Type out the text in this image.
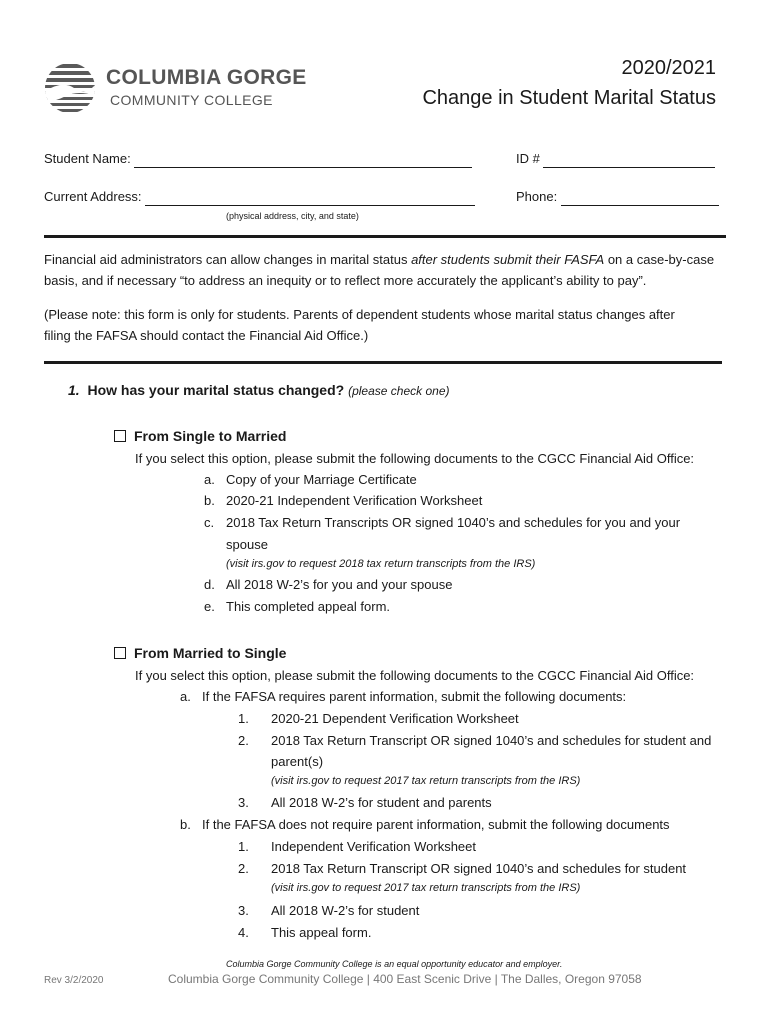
COLUMBIA GORGE
COMMUNITY COLLEGE
2020/2021
Change in Student Marital Status
Student Name:	ID #
Current Address:	Phone:
(physical address, city, and state)
Financial aid administrators can allow changes in marital status after students submit their FASFA on a case-by-case
basis, and if necessary “to address an inequity or to reflect more accurately the applicant’s ability to pay”.
(Please note: this form is only for students. Parents of dependent students whose marital status changes after
filing the FAFSA should contact the Financial Aid Office.)
1. How has your marital status changed? (please check one)
From Single to Married
If you select this option, please submit the following documents to the CGCC Financial Aid Office:
a. Copy of your Marriage Certificate
b. 2020-21 Independent Verification Worksheet
c. 2018 Tax Return Transcripts OR signed 1040’s and schedules for you and your
spouse
(visit irs.gov to request 2018 tax return transcripts from the IRS)
d. All 2018 W-2’s for you and your spouse
e. This completed appeal form.
From Married to Single
If you select this option, please submit the following documents to the CGCC Financial Aid Office:
a. If the FAFSA requires parent information, submit the following documents:
1. 2020-21 Dependent Verification Worksheet
2. 2018 Tax Return Transcript OR signed 1040’s and schedules for student and
parent(s)
(visit irs.gov to request 2017 tax return transcripts from the IRS)
3. All 2018 W-2’s for student and parents
b. If the FAFSA does not require parent information, submit the following documents
1. Independent Verification Worksheet
2. 2018 Tax Return Transcript OR signed 1040’s and schedules for student
(visit irs.gov to request 2017 tax return transcripts from the IRS)
3. All 2018 W-2’s for student
4. This appeal form.
Columbia Gorge Community College is an equal opportunity educator and employer.
Rev 3/2/2020	Columbia Gorge Community College | 400 East Scenic Drive | The Dalles, Oregon 97058
